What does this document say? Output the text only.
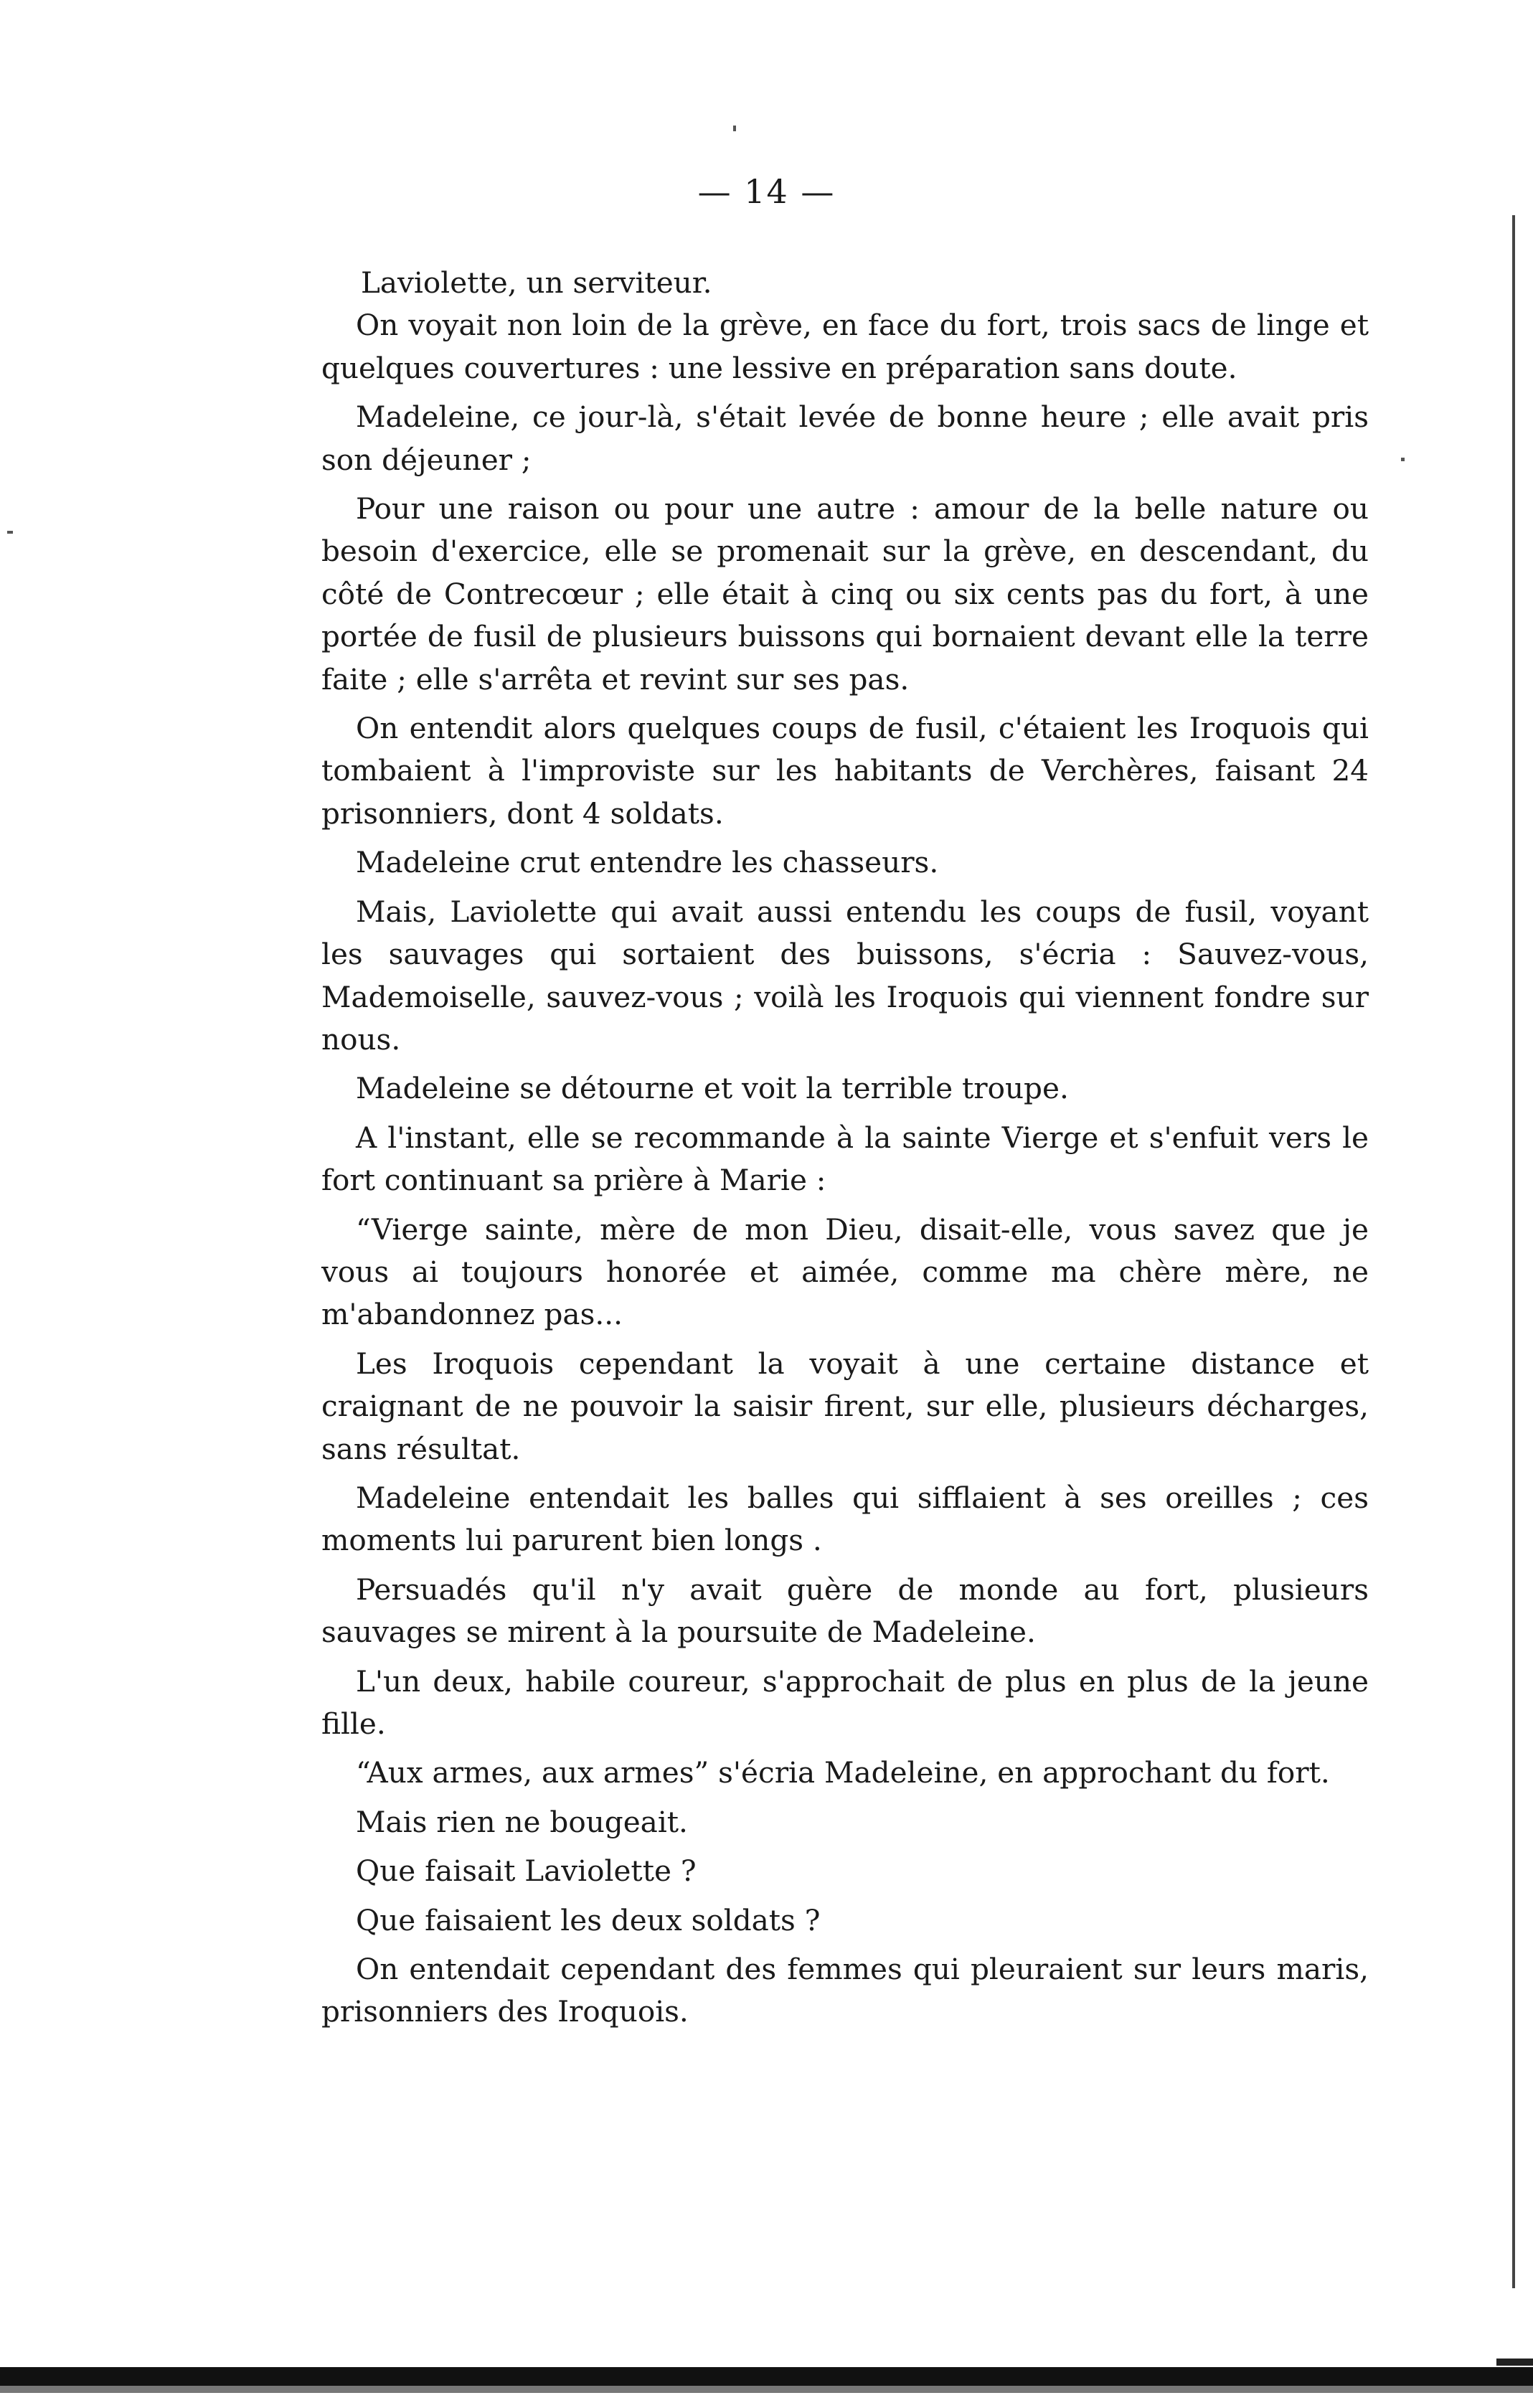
— 14 —

Laviolette, un serviteur.

On voyait non loin de la grève, en face du fort, trois sacs de linge et quelques couvertures : une lessive en préparation sans doute.

Madeleine, ce jour-là, s'était levée de bonne heure ; elle avait pris son déjeuner ;

Pour une raison ou pour une autre : amour de la belle nature ou besoin d'exercice, elle se promenait sur la grève, en descendant, du côté de Contrecœur ; elle était à cinq ou six cents pas du fort, à une portée de fusil de plusieurs buissons qui bornaient devant elle la terre faite ; elle s'arrêta et revint sur ses pas.

On entendit alors quelques coups de fusil, c'étaient les Iroquois qui tombaient à l'improviste sur les habitants de Verchères, faisant 24 prisonniers, dont 4 soldats.

Madeleine crut entendre les chasseurs.

Mais, Laviolette qui avait aussi entendu les coups de fusil, voyant les sauvages qui sortaient des buissons, s'écria : Sauvez-vous, Mademoiselle, sauvez-vous ; voilà les Iroquois qui viennent fondre sur nous.

Madeleine se détourne et voit la terrible troupe.

A l'instant, elle se recommande à la sainte Vierge et s'enfuit vers le fort continuant sa prière à Marie :

“Vierge sainte, mère de mon Dieu, disait-elle, vous savez que je vous ai toujours honorée et aimée, comme ma chère mère, ne m'abandonnez pas...

Les Iroquois cependant la voyait à une certaine distance et craignant de ne pouvoir la saisir firent, sur elle, plusieurs décharges, sans résultat.

Madeleine entendait les balles qui sifflaient à ses oreilles ; ces moments lui parurent bien longs .

Persuadés qu'il n'y avait guère de monde au fort, plusieurs sauvages se mirent à la poursuite de Madeleine.

L'un deux, habile coureur, s'approchait de plus en plus de la jeune fille.

“Aux armes, aux armes” s'écria Madeleine, en approchant du fort.

Mais rien ne bougeait.

Que faisait Laviolette ?

Que faisaient les deux soldats ?

On entendait cependant des femmes qui pleuraient sur leurs maris, prisonniers des Iroquois.
